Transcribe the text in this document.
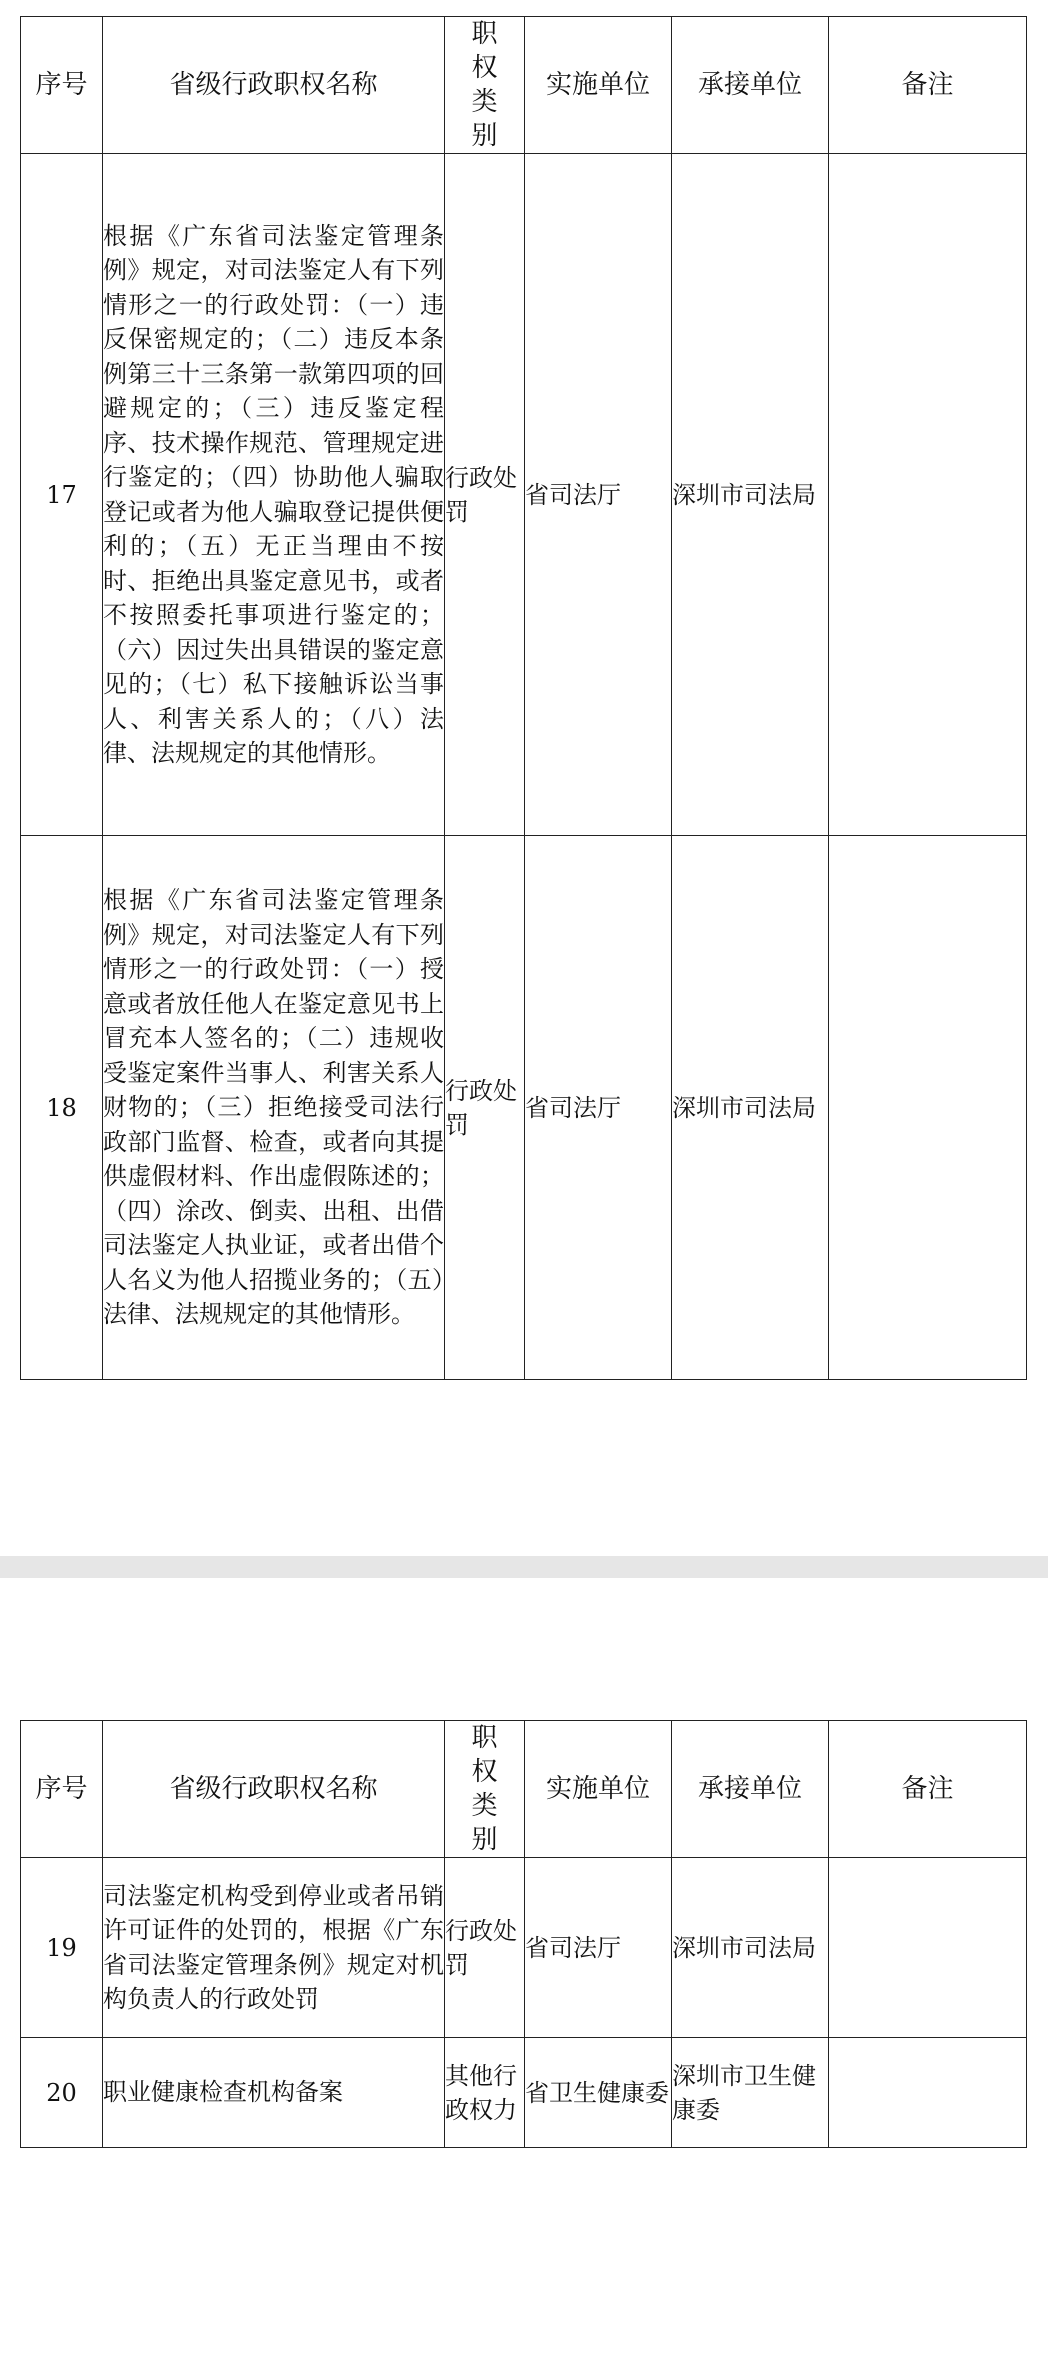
序号	省级行政职权名称	职权类别	实施单位	承接单位	备注
17	根据《广东省司法鉴定管理条例》规定，对司法鉴定人有下列情形之一的行政处罚：（一）违反保密规定的；（二）违反本条例第三十三条第一款第四项的回避规定的；（三）违反鉴定程序、技术操作规范、管理规定进行鉴定的；（四）协助他人骗取登记或者为他人骗取登记提供便利的；（五）无正当理由不按时、拒绝出具鉴定意见书，或者不按照委托事项进行鉴定的；（六）因过失出具错误的鉴定意见的；（七）私下接触诉讼当事人、利害关系人的；（八）法律、法规规定的其他情形。	行政处罚	省司法厅	深圳市司法局	
18	根据《广东省司法鉴定管理条例》规定，对司法鉴定人有下列情形之一的行政处罚：（一）授意或者放任他人在鉴定意见书上冒充本人签名的；（二）违规收受鉴定案件当事人、利害关系人财物的；（三）拒绝接受司法行政部门监督、检查，或者向其提供虚假材料、作出虚假陈述的；（四）涂改、倒卖、出租、出借司法鉴定人执业证，或者出借个人名义为他人招揽业务的；（五）法律、法规规定的其他情形。	行政处罚	省司法厅	深圳市司法局	
序号	省级行政职权名称	职权类别	实施单位	承接单位	备注
19	司法鉴定机构受到停业或者吊销许可证件的处罚的，根据《广东省司法鉴定管理条例》规定对机构负责人的行政处罚	行政处罚	省司法厅	深圳市司法局	
20	职业健康检查机构备案	其他行政权力	省卫生健康委	深圳市卫生健康委	
